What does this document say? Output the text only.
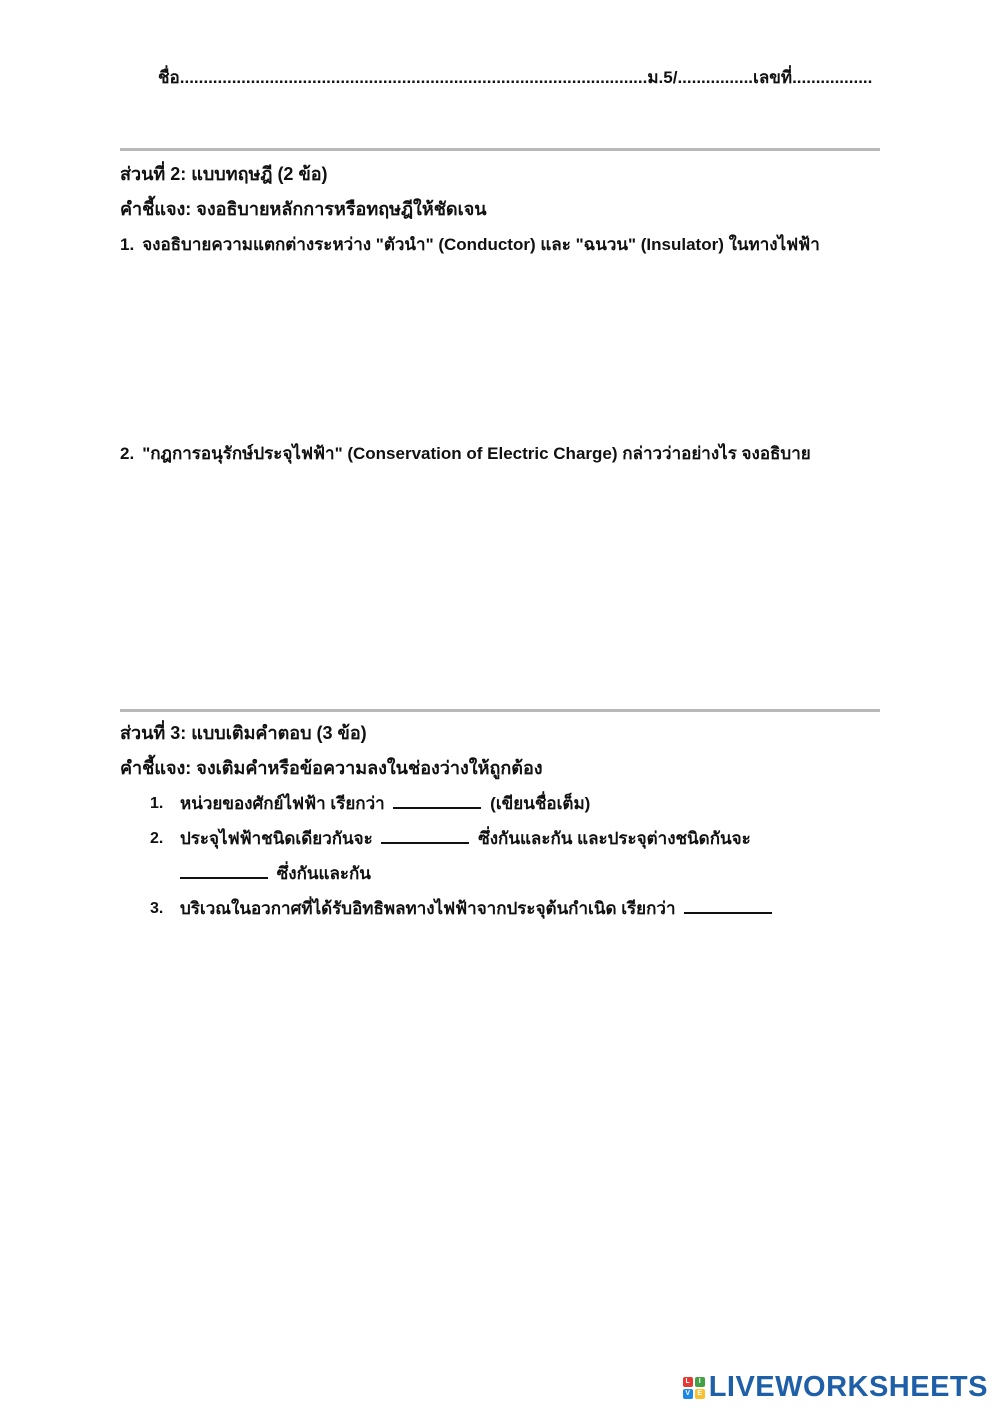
ชื่อ...................................................................................................ม.5/................เลขที่.................
ส่วนที่ 2: แบบทฤษฎี (2 ข้อ)
คำชี้แจง: จงอธิบายหลักการหรือทฤษฎีให้ชัดเจน
1. จงอธิบายความแตกต่างระหว่าง "ตัวนำ" (Conductor) และ "ฉนวน" (Insulator) ในทางไฟฟ้า
2. "กฎการอนุรักษ์ประจุไฟฟ้า" (Conservation of Electric Charge) กล่าวว่าอย่างไร จงอธิบาย
ส่วนที่ 3: แบบเติมคำตอบ (3 ข้อ)
คำชี้แจง: จงเติมคำหรือข้อความลงในช่องว่างให้ถูกต้อง
1. หน่วยของศักย์ไฟฟ้า เรียกว่า	(เขียนชื่อเต็ม)
2. ประจุไฟฟ้าชนิดเดียวกันจะ	ซึ่งกันและกัน และประจุต่างชนิดกันจะ
ซึ่งกันและกัน
3. บริเวณในอวกาศที่ได้รับอิทธิพลทางไฟฟ้าจากประจุต้นกำเนิด เรียกว่า
L	I
V	E LIVEWORKSHEETS
